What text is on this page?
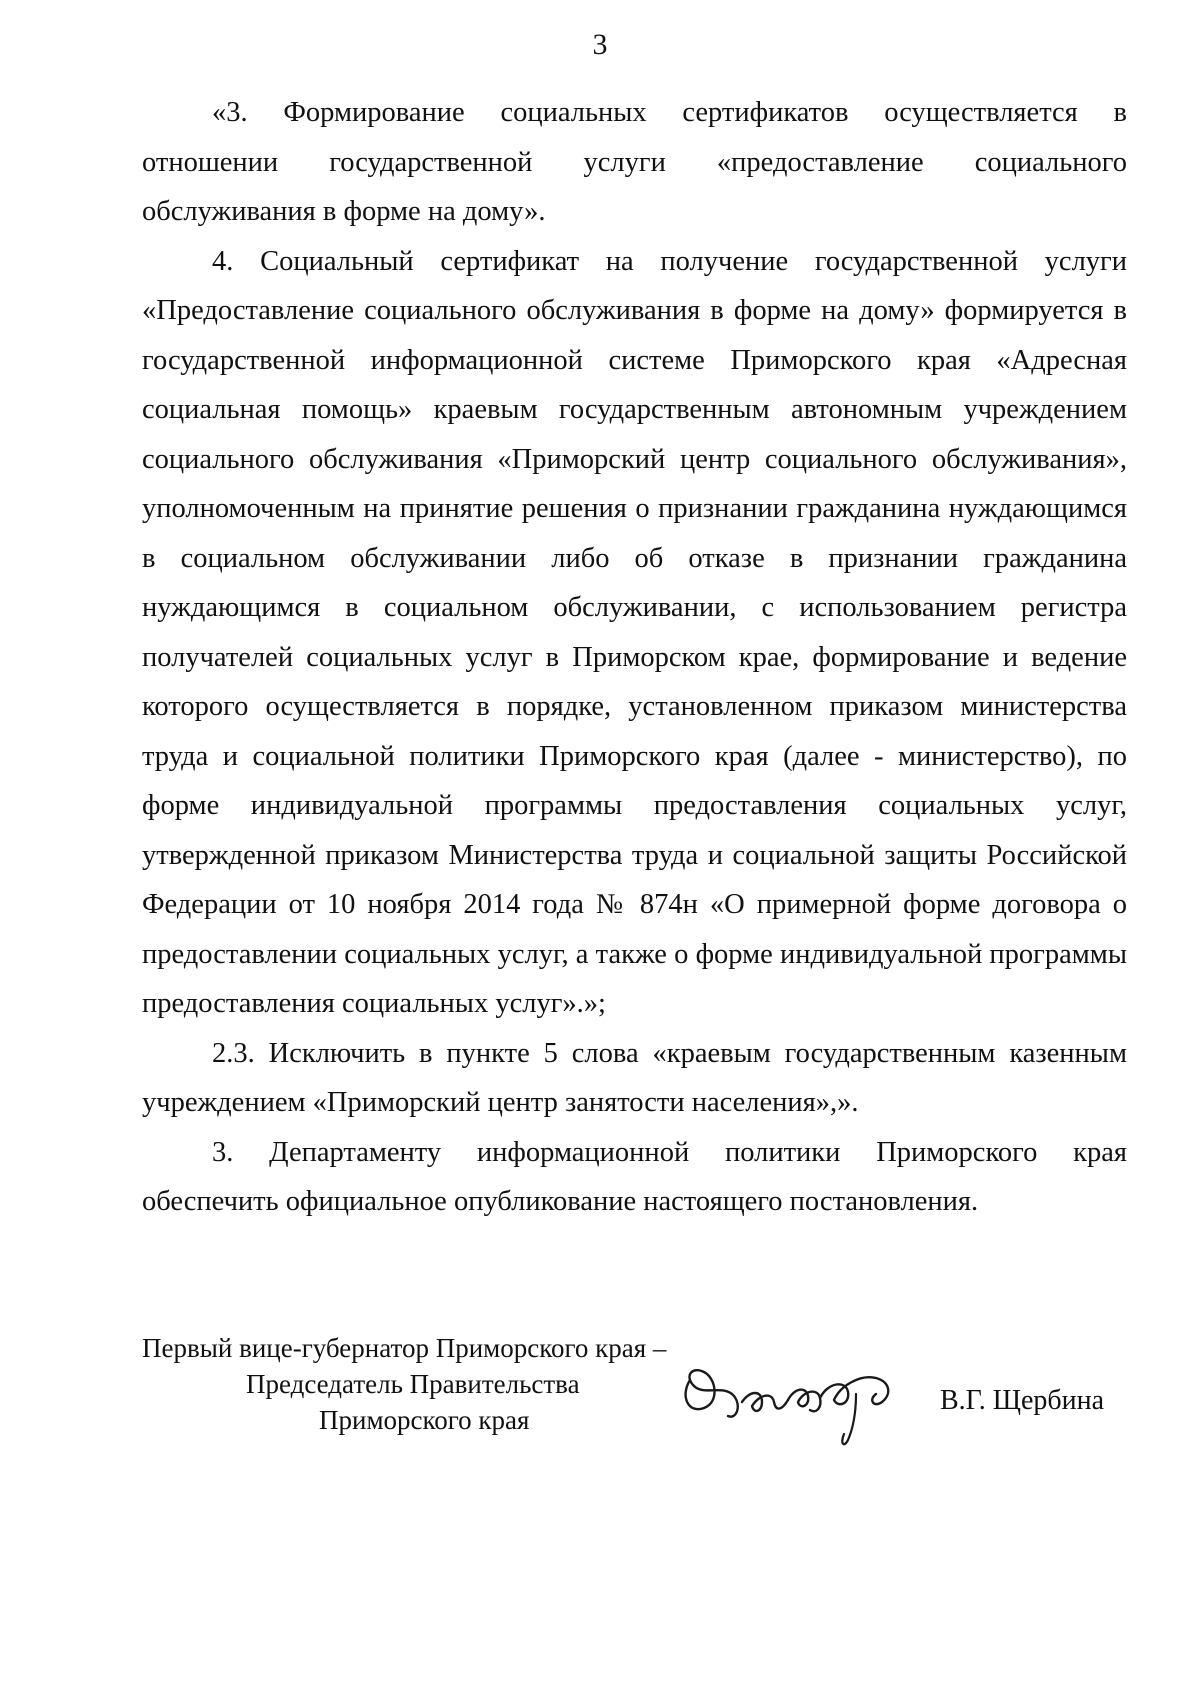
3

«3. Формирование социальных сертификатов осуществляется в отношении государственной услуги «предоставление социального обслуживания в форме на дому».

4. Социальный сертификат на получение государственной услуги «Предоставление социального обслуживания в форме на дому» формируется в государственной информационной системе Приморского края «Адресная социальная помощь» краевым государственным автономным учреждением социального обслуживания «Приморский центр социального обслуживания», уполномоченным на принятие решения о признании гражданина нуждающимся в социальном обслуживании либо об отказе в признании гражданина нуждающимся в социальном обслуживании, с использованием регистра получателей социальных услуг в Приморском крае, формирование и ведение которого осуществляется в порядке, установленном приказом министерства труда и социальной политики Приморского края (далее - министерство), по форме индивидуальной программы предоставления социальных услуг, утвержденной приказом Министерства труда и социальной защиты Российской Федерации от 10 ноября 2014 года № 874н «О примерной форме договора о предоставлении социальных услуг, а также о форме индивидуальной программы предоставления социальных услуг».»;

2.3. Исключить в пункте 5 слова «краевым государственным казенным учреждением «Приморский центр занятости населения»,».

3. Департаменту информационной политики Приморского края обеспечить официальное опубликование настоящего постановления.

Первый вице-губернатор Приморского края –
Председатель Правительства
Приморского края
В.Г. Щербина
